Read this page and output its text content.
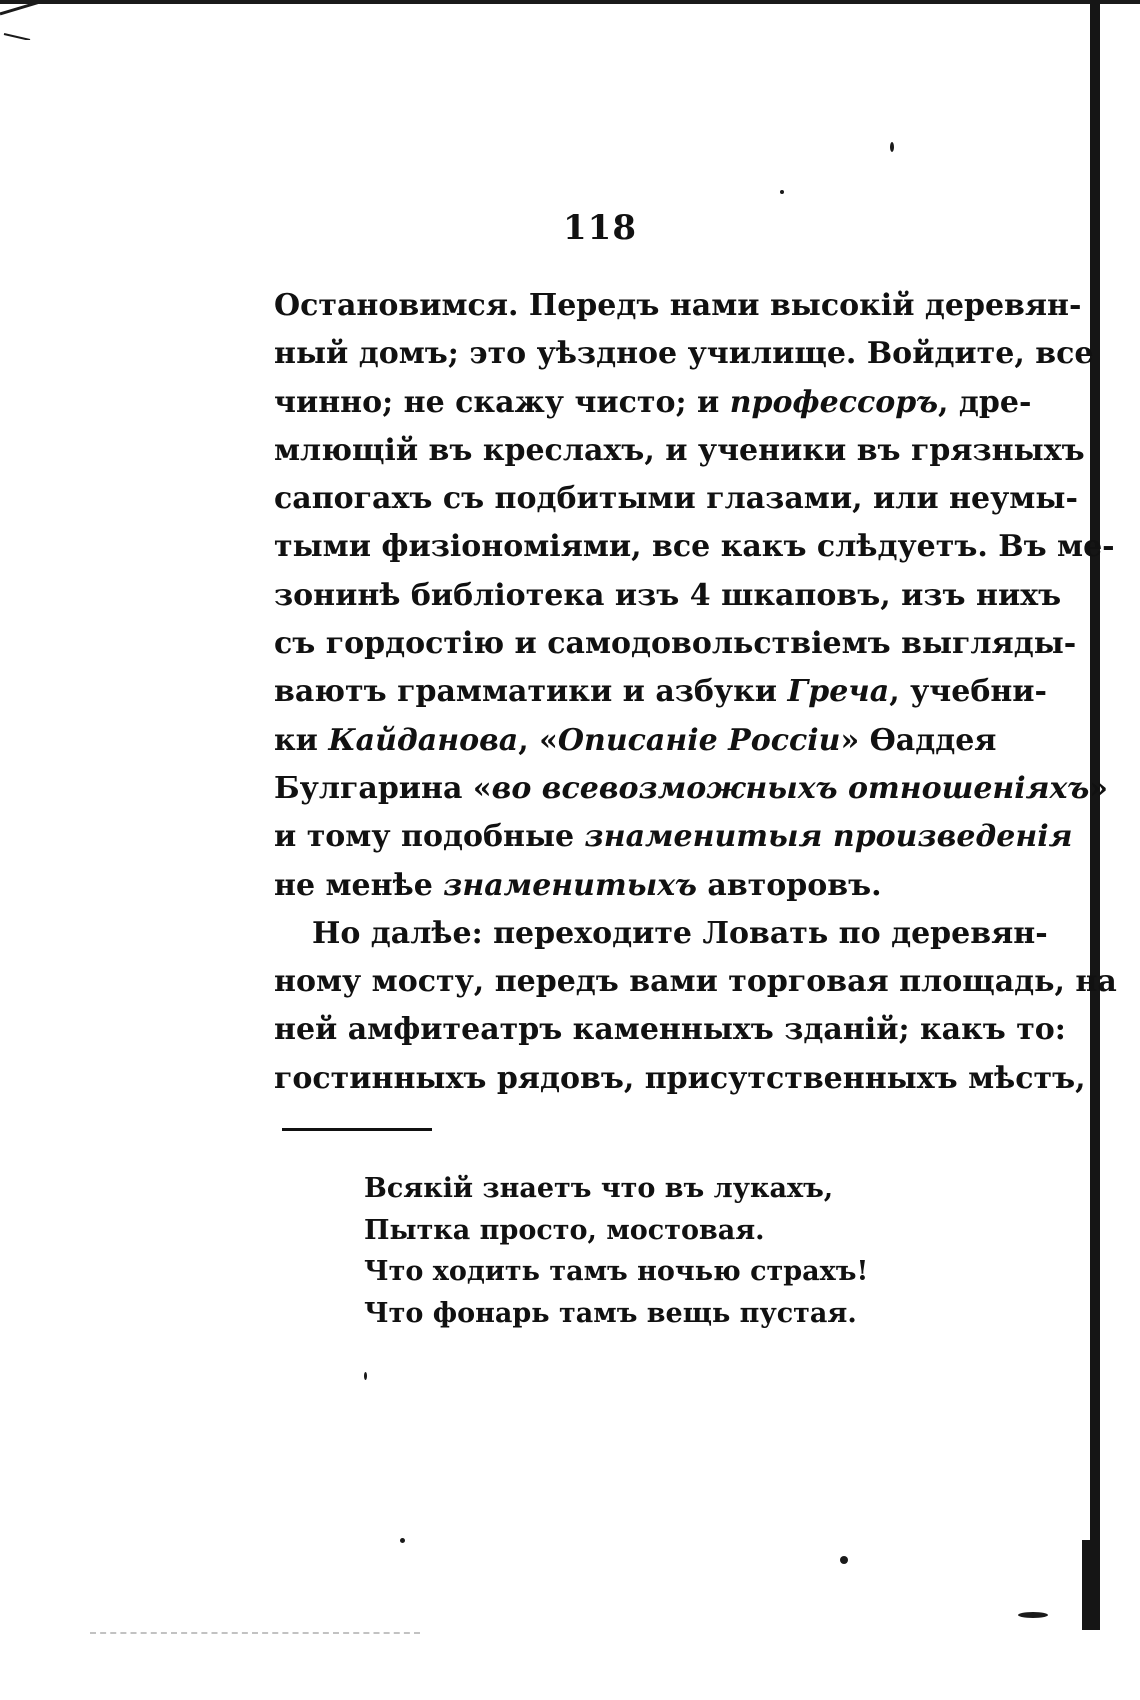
118
Остановимся. Передъ нами высокій деревян-
ный домъ; это уѣздное училище. Войдите, все
чинно; не скажу чисто; и профессоръ, дре-
млющій въ креслахъ, и ученики въ грязныхъ
сапогахъ съ подбитыми глазами, или неумы-
тыми физіономіями, все какъ слѣдуетъ. Въ ме-
зонинѣ библіотека изъ 4 шкаповъ, изъ нихъ
съ гордостію и самодовольствіемъ выгляды-
ваютъ грамматики и азбуки Греча, учебни-
ки Кайданова, «Описаніе Россіи» Ѳаддея
Булгарина «во всевозможныхъ отношеніяхъ»
и тому подобные знаменитыя произведенія
не менѣе знаменитыхъ авторовъ.
Но далѣе: переходите Ловать по деревян-
ному мосту, передъ вами торговая площадь, на
ней амфитеатръ каменныхъ зданій; какъ то:
гостинныхъ рядовъ, присутственныхъ мѣстъ,
Всякій знаетъ что въ лукахъ,
Пытка просто, мостовая.
Что ходить тамъ ночью страхъ!
Что фонарь тамъ вещь пустая.
